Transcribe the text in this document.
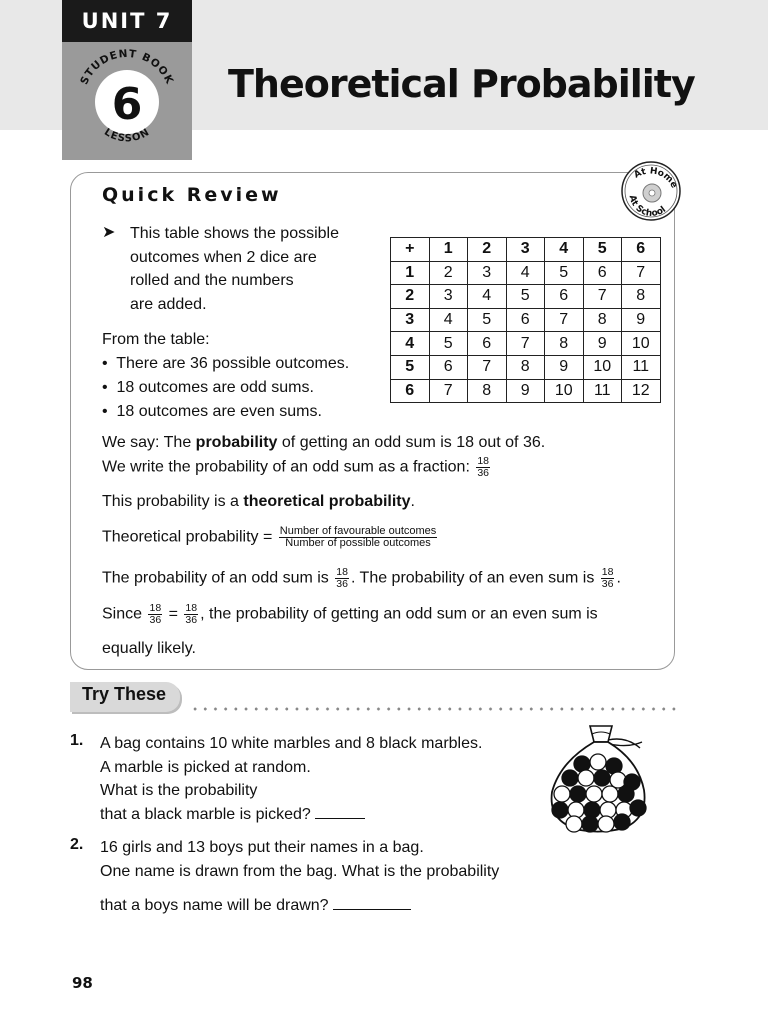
UNIT 7
STUDENT BOOK
LESSON
6 Theoretical Probability
Quick Review
At Home
At School
➤ This table shows the possible
outcomes when 2 dice are
rolled and the numbers
are added.
+	1	2	3	4	5	6
1	2	3	4	5	6	7
2	3	4	5	6	7	8
3	4	5	6	7	8	9
4	5	6	7	8	9	10
5	6	7	8	9	10	11
6	7	8	9	10	11	12
From the table:
•  There are 36 possible outcomes.
•  18 outcomes are odd sums.
•  18 outcomes are even sums.
We say: The probability of getting an odd sum is 18 out of 36.
We write the probability of an odd sum as a fraction: $\frac{18}{36}$
This probability is a theoretical probability.
Theoretical probability = $\frac{\text{Number of favourable outcomes}}{\text{Number of possible outcomes}}$
The probability of an odd sum is $\frac{18}{36}$ . The probability of an even sum is $\frac{18}{36}$ .
Since $\frac{18}{36} = \frac{18}{36}$ , the probability of getting an odd sum or an even sum is
equally likely.
Try These
1. A bag contains 10 white marbles and 8 black marbles.
A marble is picked at random.
What is the probability
that a black marble is picked?
2. 16 girls and 13 boys put their names in a bag.
One name is drawn from the bag. What is the probability
that a boys name will be drawn?
98
